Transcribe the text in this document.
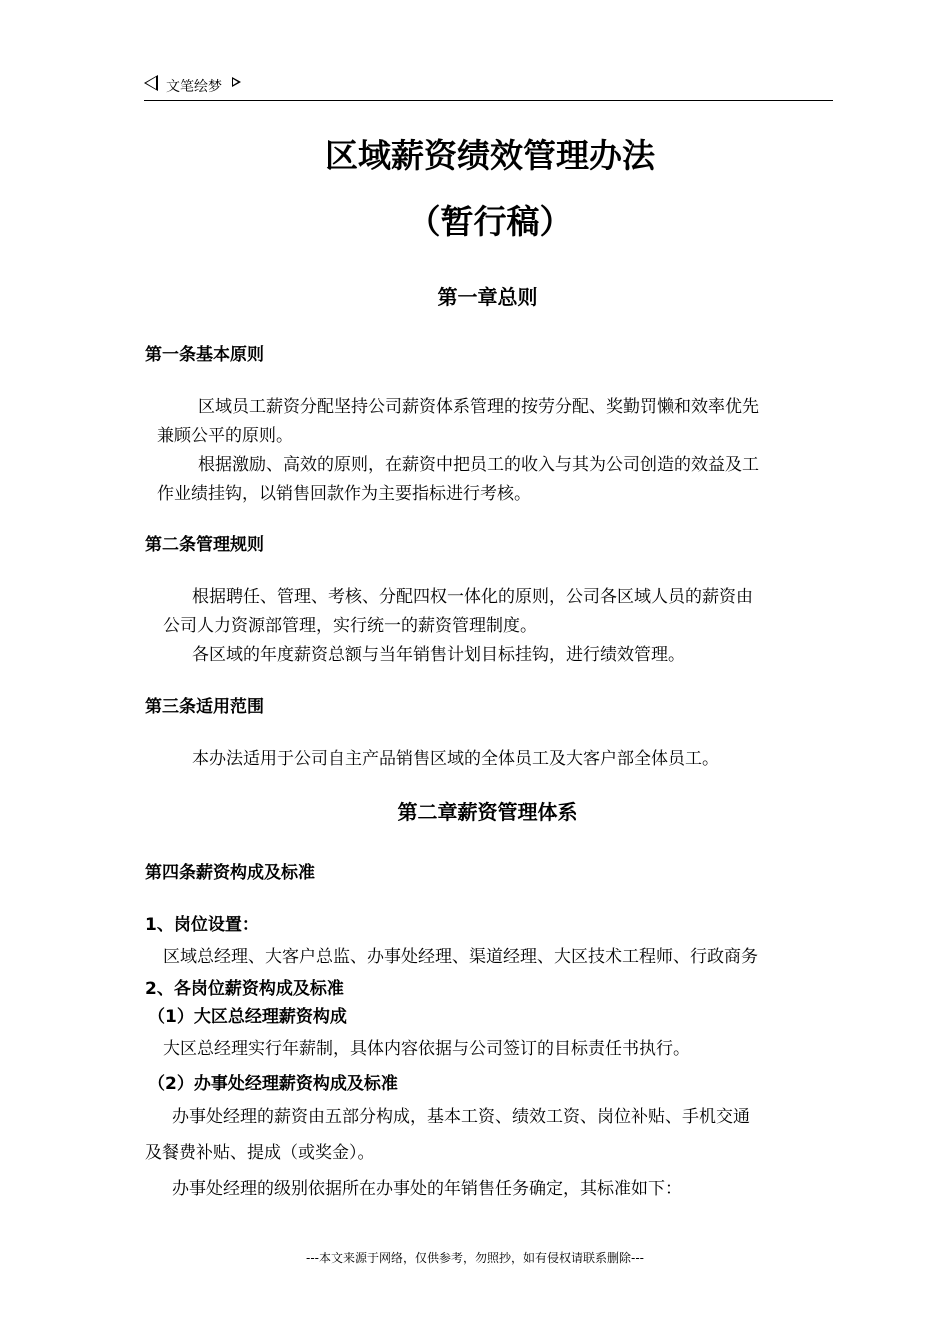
文笔绘梦
区域薪资绩效管理办法
（暂行稿）
第一章总则
第一条基本原则
区域员工薪资分配坚持公司薪资体系管理的按劳分配、奖勤罚懒和效率优先
兼顾公平的原则。
根据激励、高效的原则，在薪资中把员工的收入与其为公司创造的效益及工
作业绩挂钩，以销售回款作为主要指标进行考核。
第二条管理规则
根据聘任、管理、考核、分配四权一体化的原则，公司各区域人员的薪资由
公司人力资源部管理，实行统一的薪资管理制度。
各区域的年度薪资总额与当年销售计划目标挂钩，进行绩效管理。
第三条适用范围
本办法适用于公司自主产品销售区域的全体员工及大客户部全体员工。
第二章薪资管理体系
第四条薪资构成及标准
1、岗位设置：
区域总经理、大客户总监、办事处经理、渠道经理、大区技术工程师、行政商务
2、各岗位薪资构成及标准
（1）大区总经理薪资构成
大区总经理实行年薪制，具体内容依据与公司签订的目标责任书执行。
（2）办事处经理薪资构成及标准
办事处经理的薪资由五部分构成，基本工资、绩效工资、岗位补贴、手机交通
及餐费补贴、提成（或奖金）。
办事处经理的级别依据所在办事处的年销售任务确定，其标准如下：
---本文来源于网络，仅供参考，勿照抄，如有侵权请联系删除---
